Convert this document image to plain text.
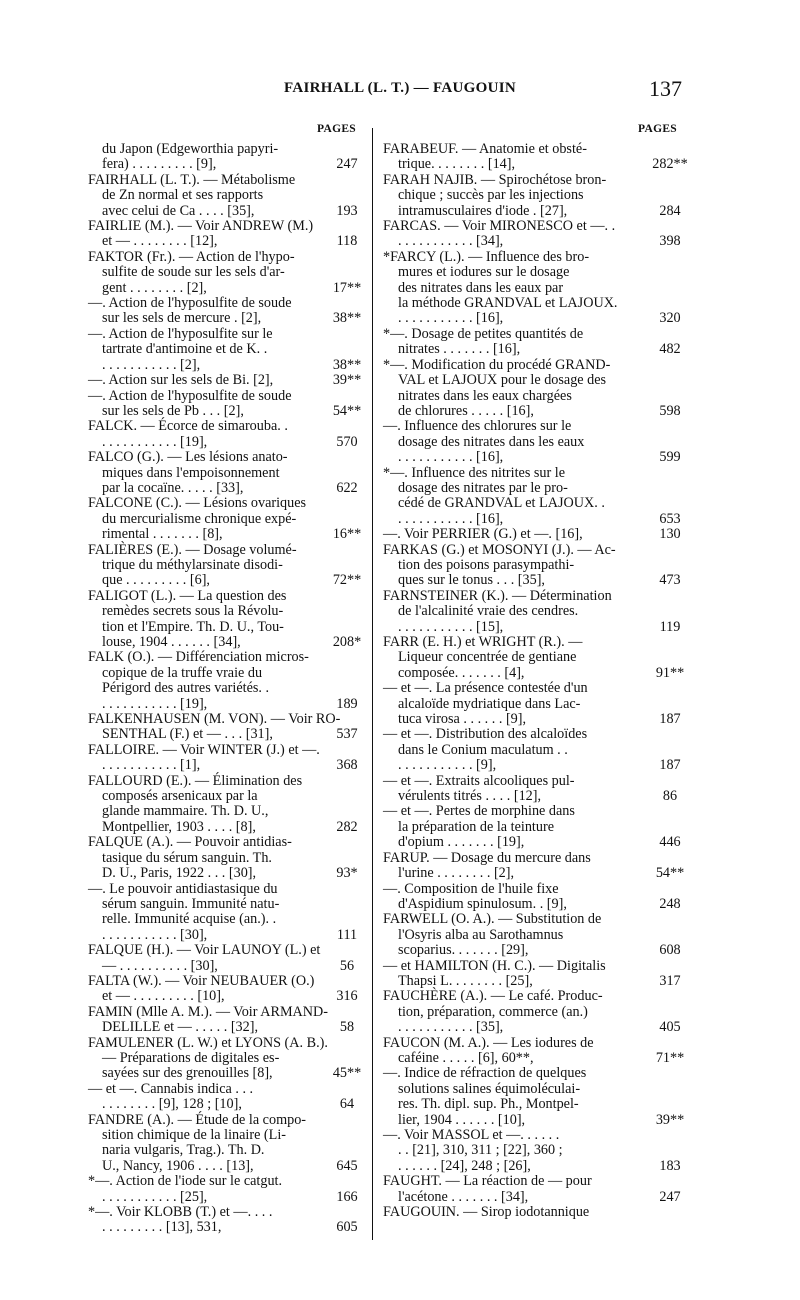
FAIRHALL (L. T.) — FAUGOUIN	137
PAGES	PAGES
du Japon (Edgeworthia papyri-
fera) . . . . . . . . . [9],	247
FAIRHALL (L. T.). — Métabolisme
de Zn normal et ses rapports
avec celui de Ca . . . . [35],	193
FAIRLIE (M.). — Voir ANDREW (M.)
et — . . . . . . . . [12],	118
FAKTOR (Fr.). — Action de l'hypo-
sulfite de soude sur les sels d'ar-
gent . . . . . . . . [2],	17**
—. Action de l'hyposulfite de soude
sur les sels de mercure . [2],	38**
—. Action de l'hyposulfite sur le
tartrate d'antimoine et de K. .
. . . . . . . . . . . [2],	38**
—. Action sur les sels de Bi. [2],	39**
—. Action de l'hyposulfite de soude
sur les sels de Pb . . . [2],	54**
FALCK. — Écorce de simarouba. .
. . . . . . . . . . . [19],	570
FALCO (G.). — Les lésions anato-
miques dans l'empoisonnement
par la cocaïne. . . . . [33],	622
FALCONE (C.). — Lésions ovariques
du mercurialisme chronique expé-
rimental . . . . . . . [8],	16**
FALIÈRES (E.). — Dosage volumé-
trique du méthylarsinate disodi-
que . . . . . . . . . [6],	72**
FALIGOT (L.). — La question des
remèdes secrets sous la Révolu-
tion et l'Empire. Th. D. U., Tou-
louse, 1904 . . . . . . [34],	208*
FALK (O.). — Différenciation micros-
copique de la truffe vraie du
Périgord des autres variétés. .
. . . . . . . . . . . [19],	189
FALKENHAUSEN (M. VON). — Voir RO-
SENTHAL (F.) et — . . . [31],	537
FALLOIRE. — Voir WINTER (J.) et —.
. . . . . . . . . . . [1],	368
FALLOURD (E.). — Élimination des
composés arsenicaux par la
glande mammaire. Th. D. U.,
Montpellier, 1903 . . . . [8],	282
FALQUE (A.). — Pouvoir antidias-
tasique du sérum sanguin. Th.
D. U., Paris, 1922 . . . [30],	93*
—. Le pouvoir antidiastasique du
sérum sanguin. Immunité natu-
relle. Immunité acquise (an.). .
. . . . . . . . . . . [30],	111
FALQUE (H.). — Voir LAUNOY (L.) et
— . . . . . . . . . . [30],	56
FALTA (W.). — Voir NEUBAUER (O.)
et — . . . . . . . . . [10],	316
FAMIN (Mlle A. M.). — Voir ARMAND-
DELILLE et — . . . . . [32],	58
FAMULENER (L. W.) et LYONS (A. B.).
— Préparations de digitales es-
sayées sur des grenouilles [8],	45**
— et —. Cannabis indica . . .
. . . . . . . . [9], 128 ; [10],	64
FANDRE (A.). — Étude de la compo-
sition chimique de la linaire (Li-
naria vulgaris, Trag.). Th. D.
U., Nancy, 1906 . . . . [13],	645
*—. Action de l'iode sur le catgut.
. . . . . . . . . . . [25],	166
*—. Voir KLOBB (T.) et —. . . .
. . . . . . . . . [13], 531,	605
FARABEUF. — Anatomie et obsté-
trique. . . . . . . . [14],	282**
FARAH NAJIB. — Spirochétose bron-
chique ; succès par les injections
intramusculaires d'iode . [27],	284
FARCAS. — Voir MIRONESCO et —. .
. . . . . . . . . . . [34],	398
*FARCY (L.). — Influence des bro-
mures et iodures sur le dosage
des nitrates dans les eaux par
la méthode GRANDVAL et LAJOUX.
. . . . . . . . . . . [16],	320
*—. Dosage de petites quantités de
nitrates . . . . . . . [16],	482
*—. Modification du procédé GRAND-
VAL et LAJOUX pour le dosage des
nitrates dans les eaux chargées
de chlorures . . . . . [16],	598
—. Influence des chlorures sur le
dosage des nitrates dans les eaux
. . . . . . . . . . . [16],	599
*—. Influence des nitrites sur le
dosage des nitrates par le pro-
cédé de GRANDVAL et LAJOUX. .
. . . . . . . . . . . [16],	653
—. Voir PERRIER (G.) et —. [16],	130
FARKAS (G.) et MOSONYI (J.). — Ac-
tion des poisons parasympathi-
ques sur le tonus . . . [35],	473
FARNSTEINER (K.). — Détermination
de l'alcalinité vraie des cendres.
. . . . . . . . . . . [15],	119
FARR (E. H.) et WRIGHT (R.). —
Liqueur concentrée de gentiane
composée. . . . . . . [4],	91**
— et —. La présence contestée d'un
alcaloïde mydriatique dans Lac-
tuca virosa . . . . . . [9],	187
— et —. Distribution des alcaloïdes
dans le Conium maculatum . .
. . . . . . . . . . . [9],	187
— et —. Extraits alcooliques pul-
vérulents titrés . . . . [12],	86
— et —. Pertes de morphine dans
la préparation de la teinture
d'opium . . . . . . . [19],	446
FARUP. — Dosage du mercure dans
l'urine . . . . . . . . [2],	54**
—. Composition de l'huile fixe
d'Aspidium spinulosum. . [9],	248
FARWELL (O. A.). — Substitution de
l'Osyris alba au Sarothamnus
scoparius. . . . . . . [29],	608
— et HAMILTON (H. C.). — Digitalis
Thapsi L. . . . . . . . [25],	317
FAUCHÈRE (A.). — Le café. Produc-
tion, préparation, commerce (an.)
. . . . . . . . . . . [35],	405
FAUCON (M. A.). — Les iodures de
caféine . . . . . [6], 60**,	71**
—. Indice de réfraction de quelques
solutions salines équimoléculai-
res. Th. dipl. sup. Ph., Montpel-
lier, 1904 . . . . . . [10],	39**
—. Voir MASSOL et —. . . . . .
. . [21], 310, 311 ; [22], 360 ;
. . . . . . [24], 248 ; [26],	183
FAUGHT. — La réaction de — pour
l'acétone . . . . . . . [34],	247
FAUGOUIN. — Sirop iodotannique
